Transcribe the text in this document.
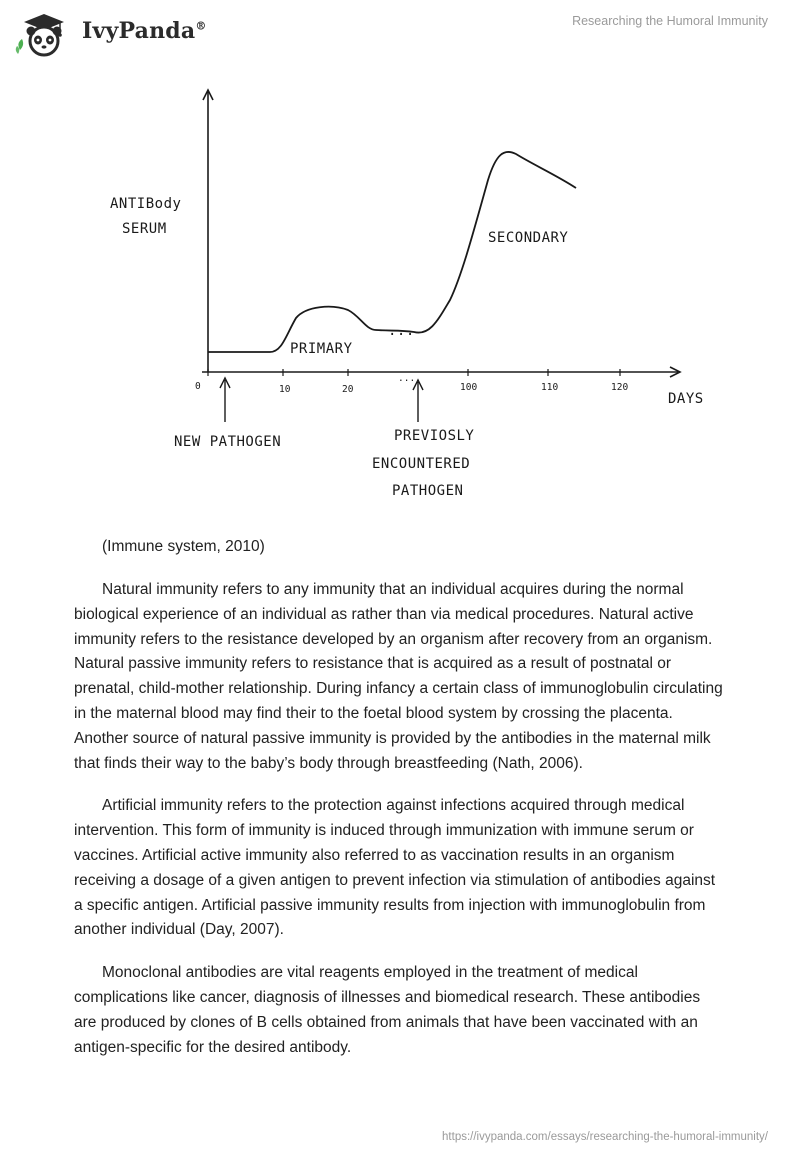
IvyPanda®	Researching the Humoral Immunity
...
ANTIBody
SERUM
PRIMARY
SECONDARY
DAYS
0	10	20
...
100	110	120
NEW PATHOGEN	PREVIOSLY
ENCOUNTERED
PATHOGEN
(Immune system, 2010)

Natural immunity refers to any immunity that an individual acquires during the normal biological experience of an individual as rather than via medical procedures. Natural active immunity refers to the resistance developed by an organism after recovery from an organism. Natural passive immunity refers to resistance that is acquired as a result of postnatal or prenatal, child-mother relationship. During infancy a certain class of immunoglobulin circulating in the maternal blood may find their to the foetal blood system by crossing the placenta. Another source of natural passive immunity is provided by the antibodies in the maternal milk that finds their way to the baby’s body through breastfeeding (Nath, 2006).

Artificial immunity refers to the protection against infections acquired through medical intervention. This form of immunity is induced through immunization with immune serum or vaccines. Artificial active immunity also referred to as vaccination results in an organism receiving a dosage of a given antigen to prevent infection via stimulation of antibodies against a specific antigen. Artificial passive immunity results from injection with immunoglobulin from another individual (Day, 2007).

Monoclonal antibodies are vital reagents employed in the treatment of medical complications like cancer, diagnosis of illnesses and biomedical research. These antibodies are produced by clones of B cells obtained from animals that have been vaccinated with an antigen-specific for the desired antibody.

https://ivypanda.com/essays/researching-the-humoral-immunity/
